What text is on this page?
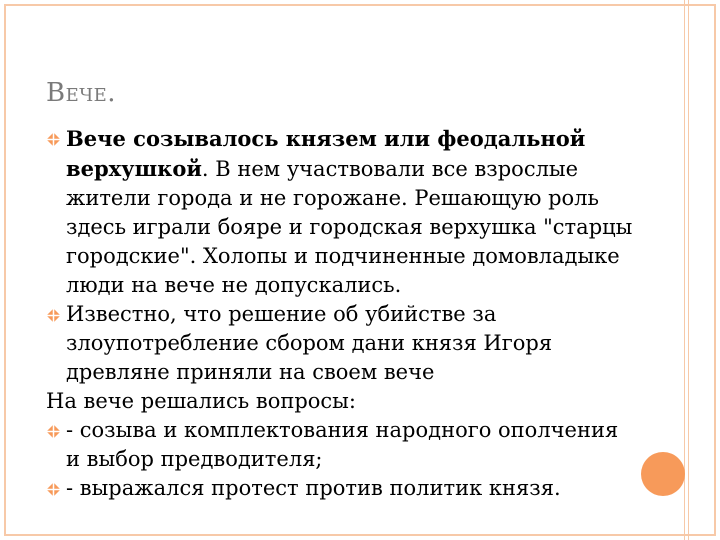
Вече.
Вече созывалось князем или феодальной верхушкой. В нем участвовали все взрослые жители города и не горожане. Решающую роль здесь играли бояре и городская верхушка "старцы городские". Холопы и подчиненные домовладыке люди на вече не допускались.
Известно, что решение об убийстве за злоупотребление сбором дани князя Игоря древляне приняли на своем вече
На вече решались вопросы:
- созыва и комплектования народного ополчения и выбор предводителя;
- выражался протест против политик князя.
